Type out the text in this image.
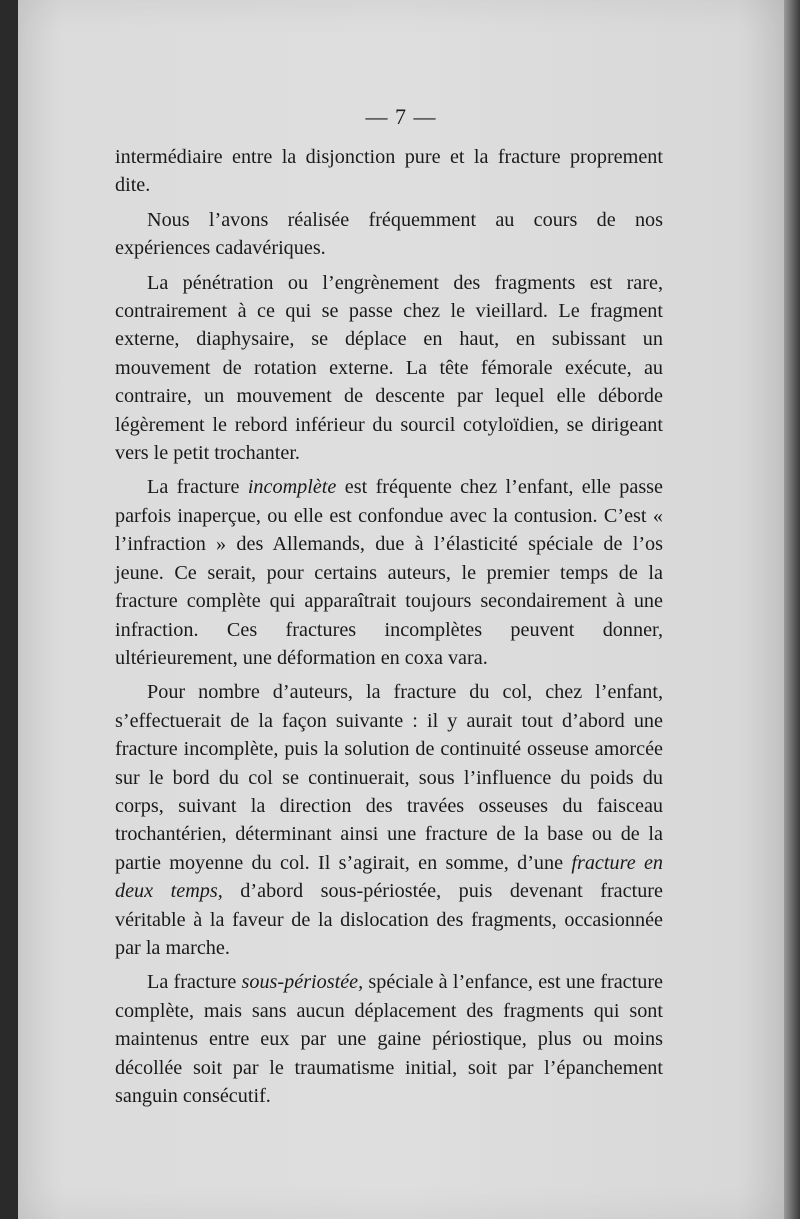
— 7 —

intermédiaire entre la disjonction pure et la fracture proprement dite.

Nous l’avons réalisée fréquemment au cours de nos expériences cadavériques.

La pénétration ou l’engrènement des fragments est rare, contrairement à ce qui se passe chez le vieillard. Le fragment externe, diaphysaire, se déplace en haut, en subissant un mouvement de rotation externe. La tête fémorale exécute, au contraire, un mouvement de descente par lequel elle déborde légèrement le rebord inférieur du sourcil cotyloïdien, se dirigeant vers le petit trochanter.

La fracture incomplète est fréquente chez l’enfant, elle passe parfois inaperçue, ou elle est confondue avec la contusion. C’est « l’infraction » des Allemands, due à l’élasticité spéciale de l’os jeune. Ce serait, pour certains auteurs, le premier temps de la fracture complète qui apparaîtrait toujours secondairement à une infraction. Ces fractures incomplètes peuvent donner, ultérieurement, une déformation en coxa vara.

Pour nombre d’auteurs, la fracture du col, chez l’enfant, s’effectuerait de la façon suivante : il y aurait tout d’abord une fracture incomplète, puis la solution de continuité osseuse amorcée sur le bord du col se continuerait, sous l’influence du poids du corps, suivant la direction des travées osseuses du faisceau trochantérien, déterminant ainsi une fracture de la base ou de la partie moyenne du col. Il s’agirait, en somme, d’une fracture en deux temps, d’abord sous-périostée, puis devenant fracture véritable à la faveur de la dislocation des fragments, occasionnée par la marche.

La fracture sous-périostée, spéciale à l’enfance, est une fracture complète, mais sans aucun déplacement des fragments qui sont maintenus entre eux par une gaine périostique, plus ou moins décollée soit par le traumatisme initial, soit par l’épanchement sanguin consécutif.
